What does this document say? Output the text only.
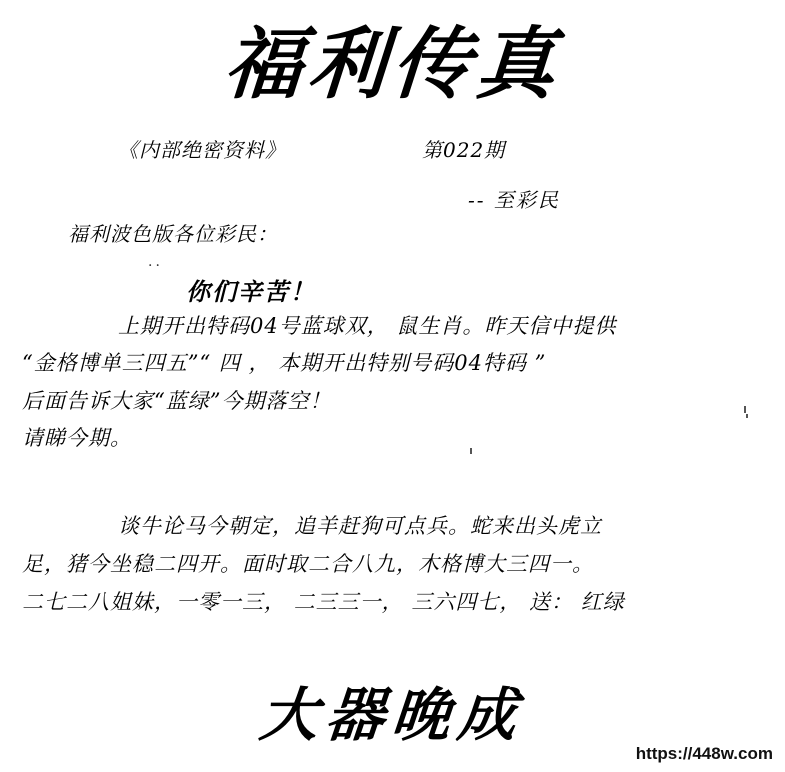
福利传真
《内部绝密资料》	第022期
-- 至彩民
福利波色版各位彩民：
··
你们辛苦！
上期开出特码04号蓝球双， 鼠生肖。昨天信中提供
“金格博单三四五”“ 四 ， 本期开出特别号码04特码 ”
后面告诉大家“蓝绿”今期落空！
请睇今期。
谈牛论马今朝定，追羊赶狗可点兵。蛇来出头虎立
足，猪今坐稳二四开。面时取二合八九，木格博大三四一。
二七二八姐妹，一零一三， 二三三一， 三六四七， 送： 红绿
大器晚成
https://448w.com
